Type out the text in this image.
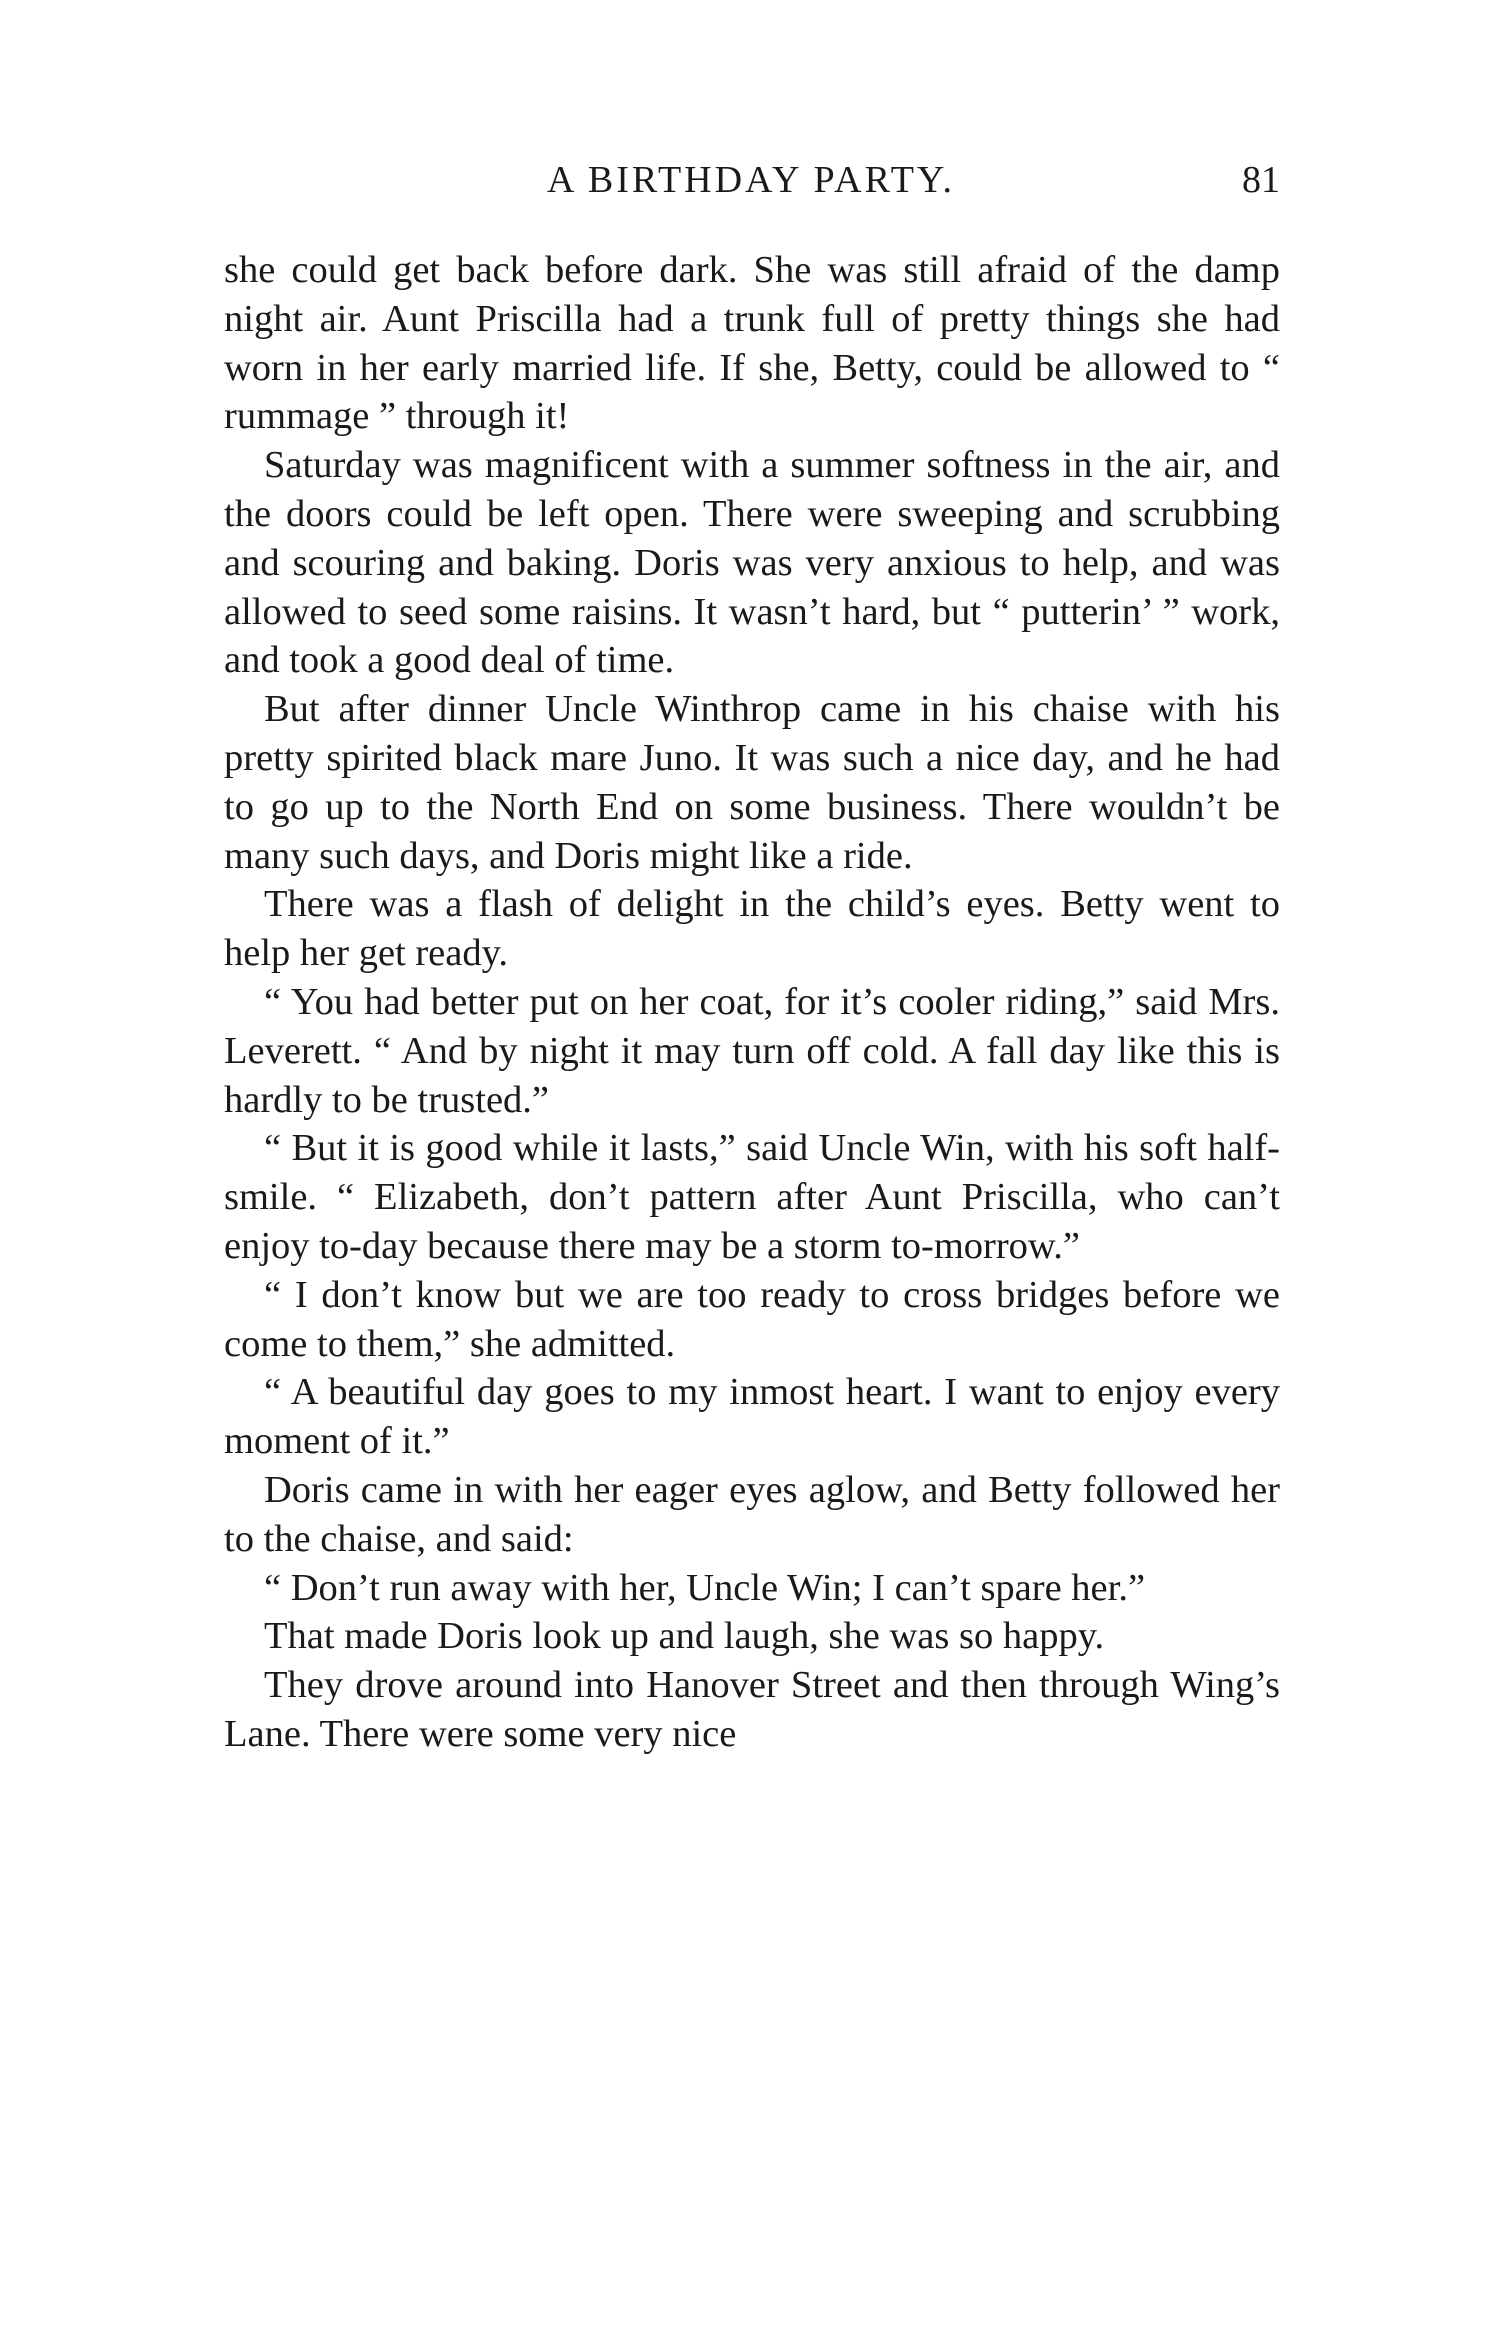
A BIRTHDAY PARTY.	81

she could get back before dark. She was still afraid of the damp night air. Aunt Priscilla had a trunk full of pretty things she had worn in her early married life. If she, Betty, could be allowed to “ rummage ” through it!

Saturday was magnificent with a summer softness in the air, and the doors could be left open. There were sweeping and scrubbing and scouring and baking. Doris was very anxious to help, and was allowed to seed some raisins. It wasn’t hard, but “ putterin’ ” work, and took a good deal of time.

But after dinner Uncle Winthrop came in his chaise with his pretty spirited black mare Juno. It was such a nice day, and he had to go up to the North End on some business. There wouldn’t be many such days, and Doris might like a ride.

There was a flash of delight in the child’s eyes. Betty went to help her get ready.

“ You had better put on her coat, for it’s cooler riding,” said Mrs. Leverett. “ And by night it may turn off cold. A fall day like this is hardly to be trusted.”

“ But it is good while it lasts,” said Uncle Win, with his soft half-smile. “ Elizabeth, don’t pattern after Aunt Priscilla, who can’t enjoy to-day because there may be a storm to-morrow.”

“ I don’t know but we are too ready to cross bridges before we come to them,” she admitted.

“ A beautiful day goes to my inmost heart. I want to enjoy every moment of it.”

Doris came in with her eager eyes aglow, and Betty followed her to the chaise, and said:

“ Don’t run away with her, Uncle Win; I can’t spare her.”

That made Doris look up and laugh, she was so happy.

They drove around into Hanover Street and then through Wing’s Lane. There were some very nice
